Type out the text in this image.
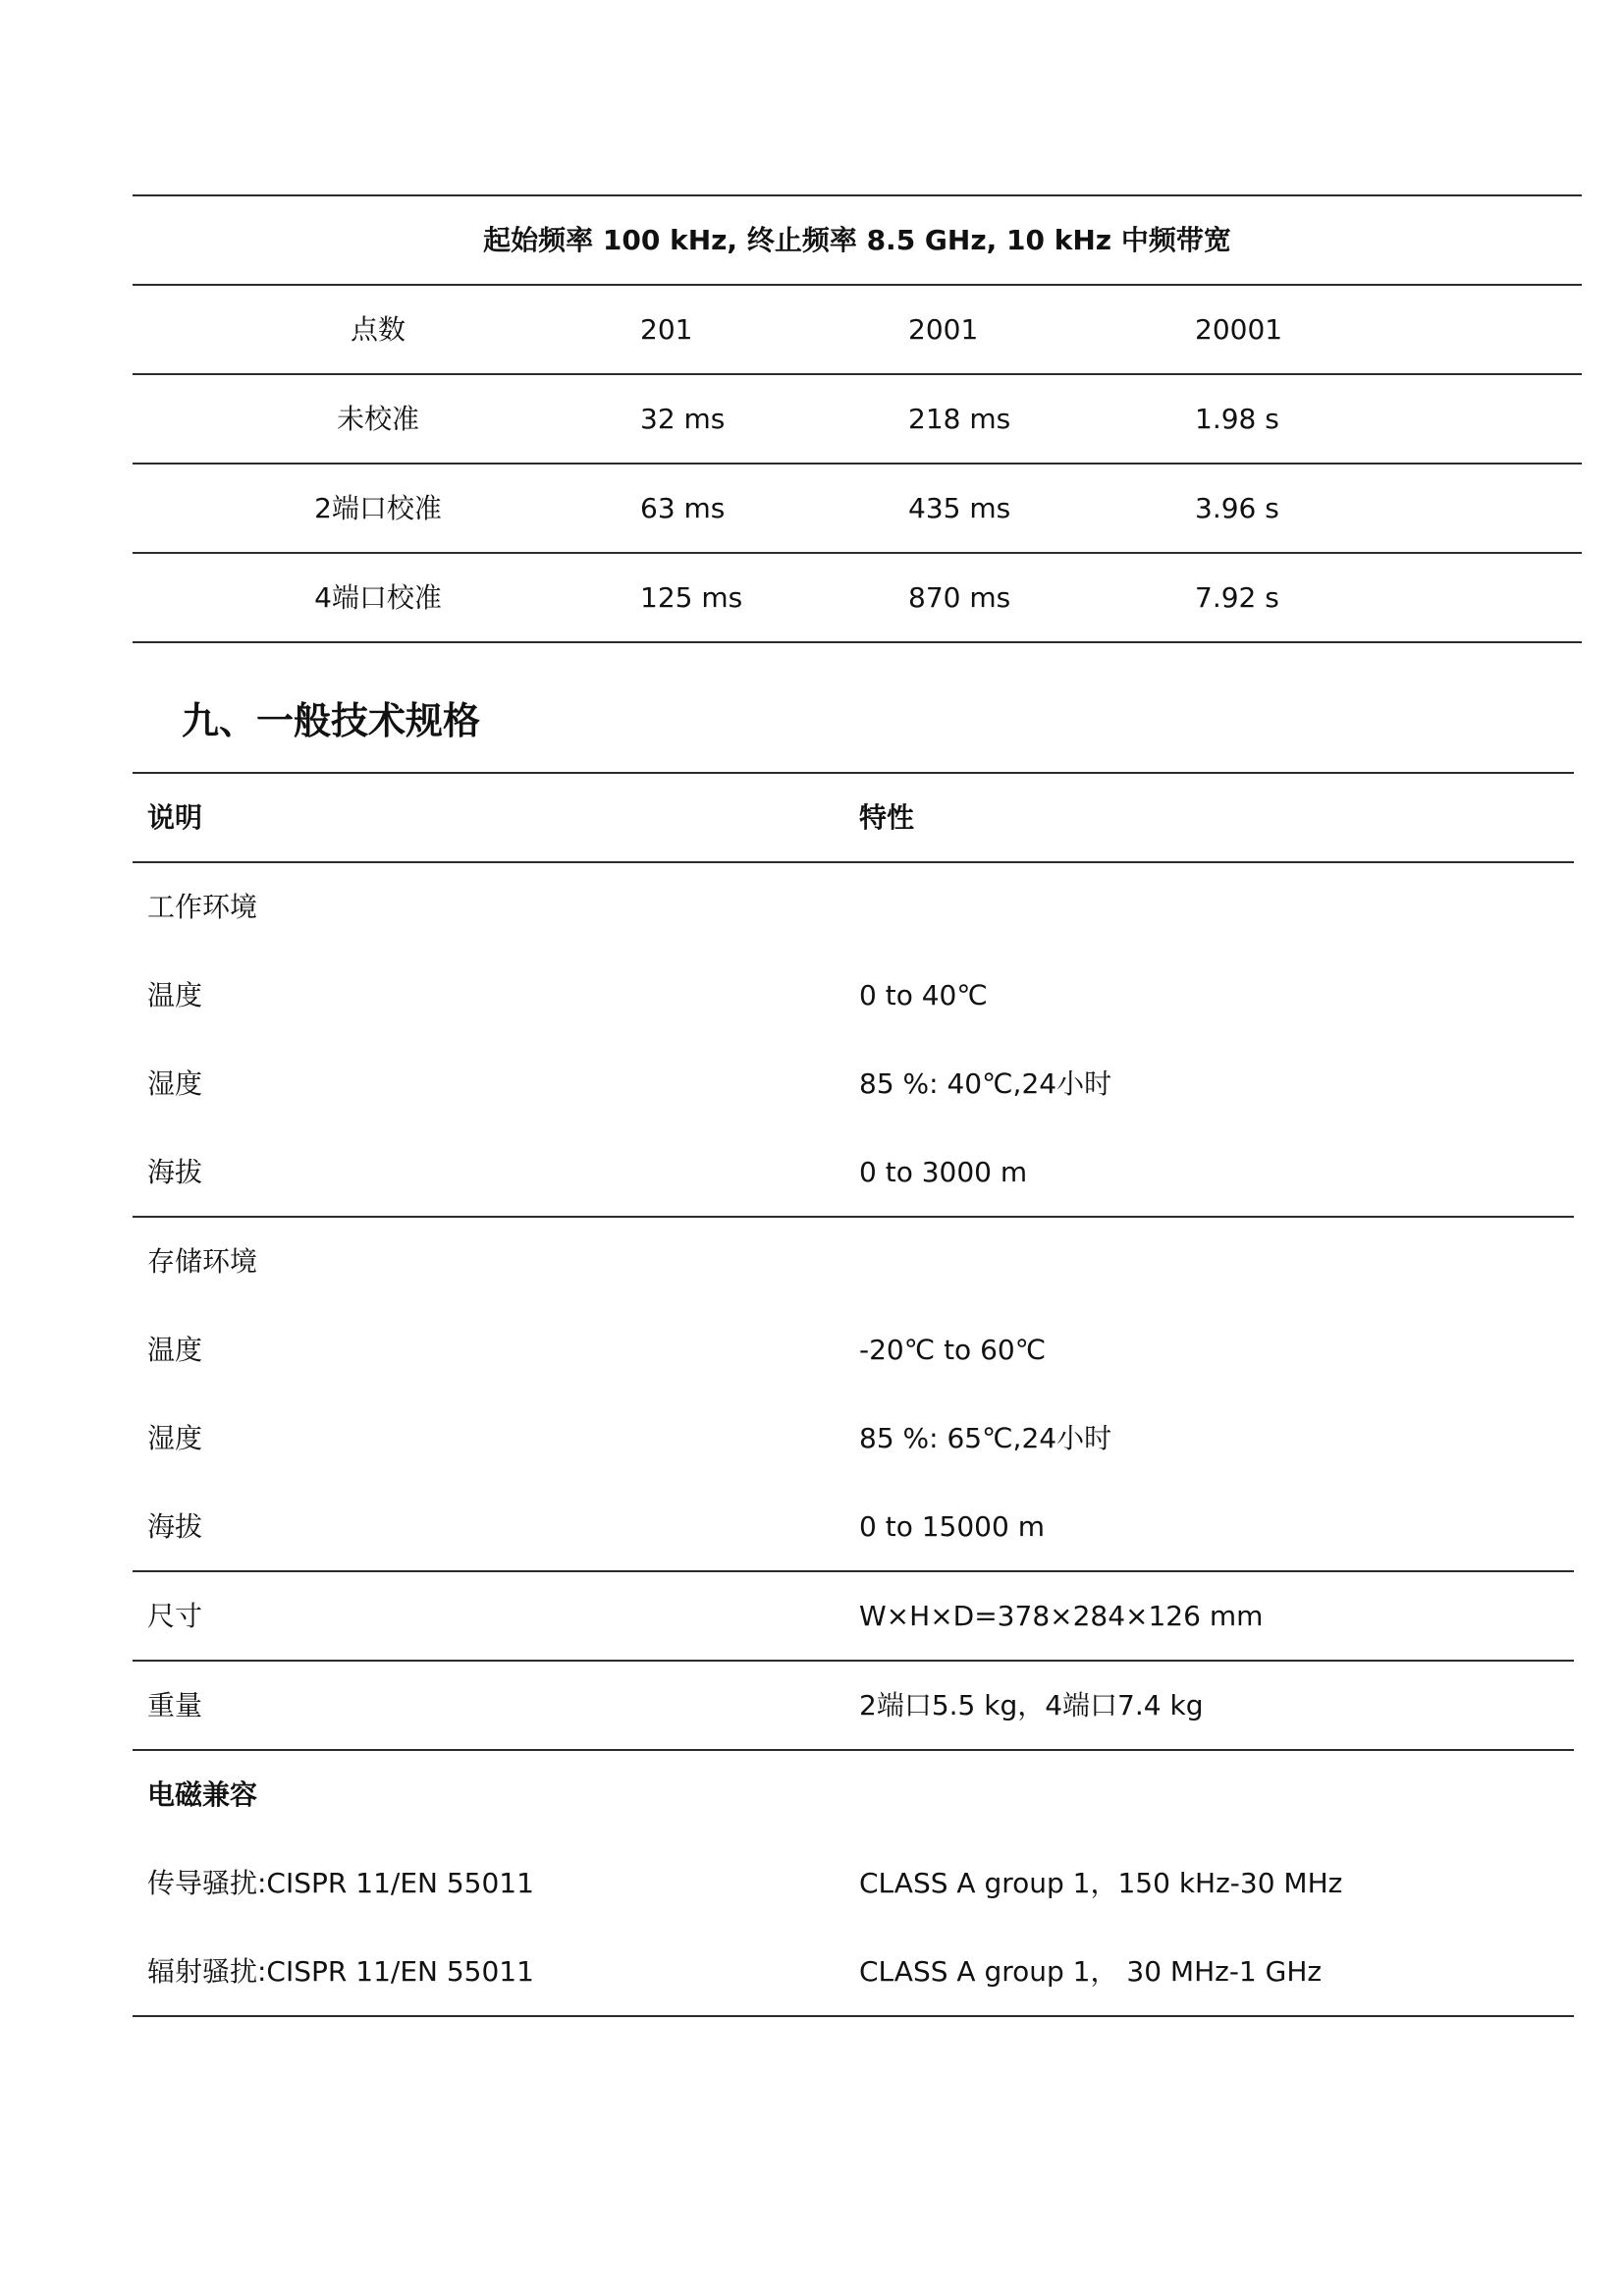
起始频率 100 kHz, 终止频率 8.5 GHz, 10 kHz 中频带宽
点数	201	2001	20001
未校准	32 ms	218 ms	1.98 s
2端口校准	63 ms	435 ms	3.96 s
4端口校准	125 ms	870 ms	7.92 s
九、一般技术规格
说明	特性
工作环境
温度	0 to 40℃
湿度	85 %: 40℃,24小时
海拔	0 to 3000 m
存储环境
温度	-20℃ to 60℃
湿度	85 %: 65℃,24小时
海拔	0 to 15000 m
尺寸	W×H×D=378×284×126 mm
重量	2端口5.5 kg，4端口7.4 kg
电磁兼容
传导骚扰:CISPR 11/EN 55011	CLASS A group 1，150 kHz-30 MHz
辐射骚扰:CISPR 11/EN 55011	CLASS A group 1， 30 MHz-1 GHz
